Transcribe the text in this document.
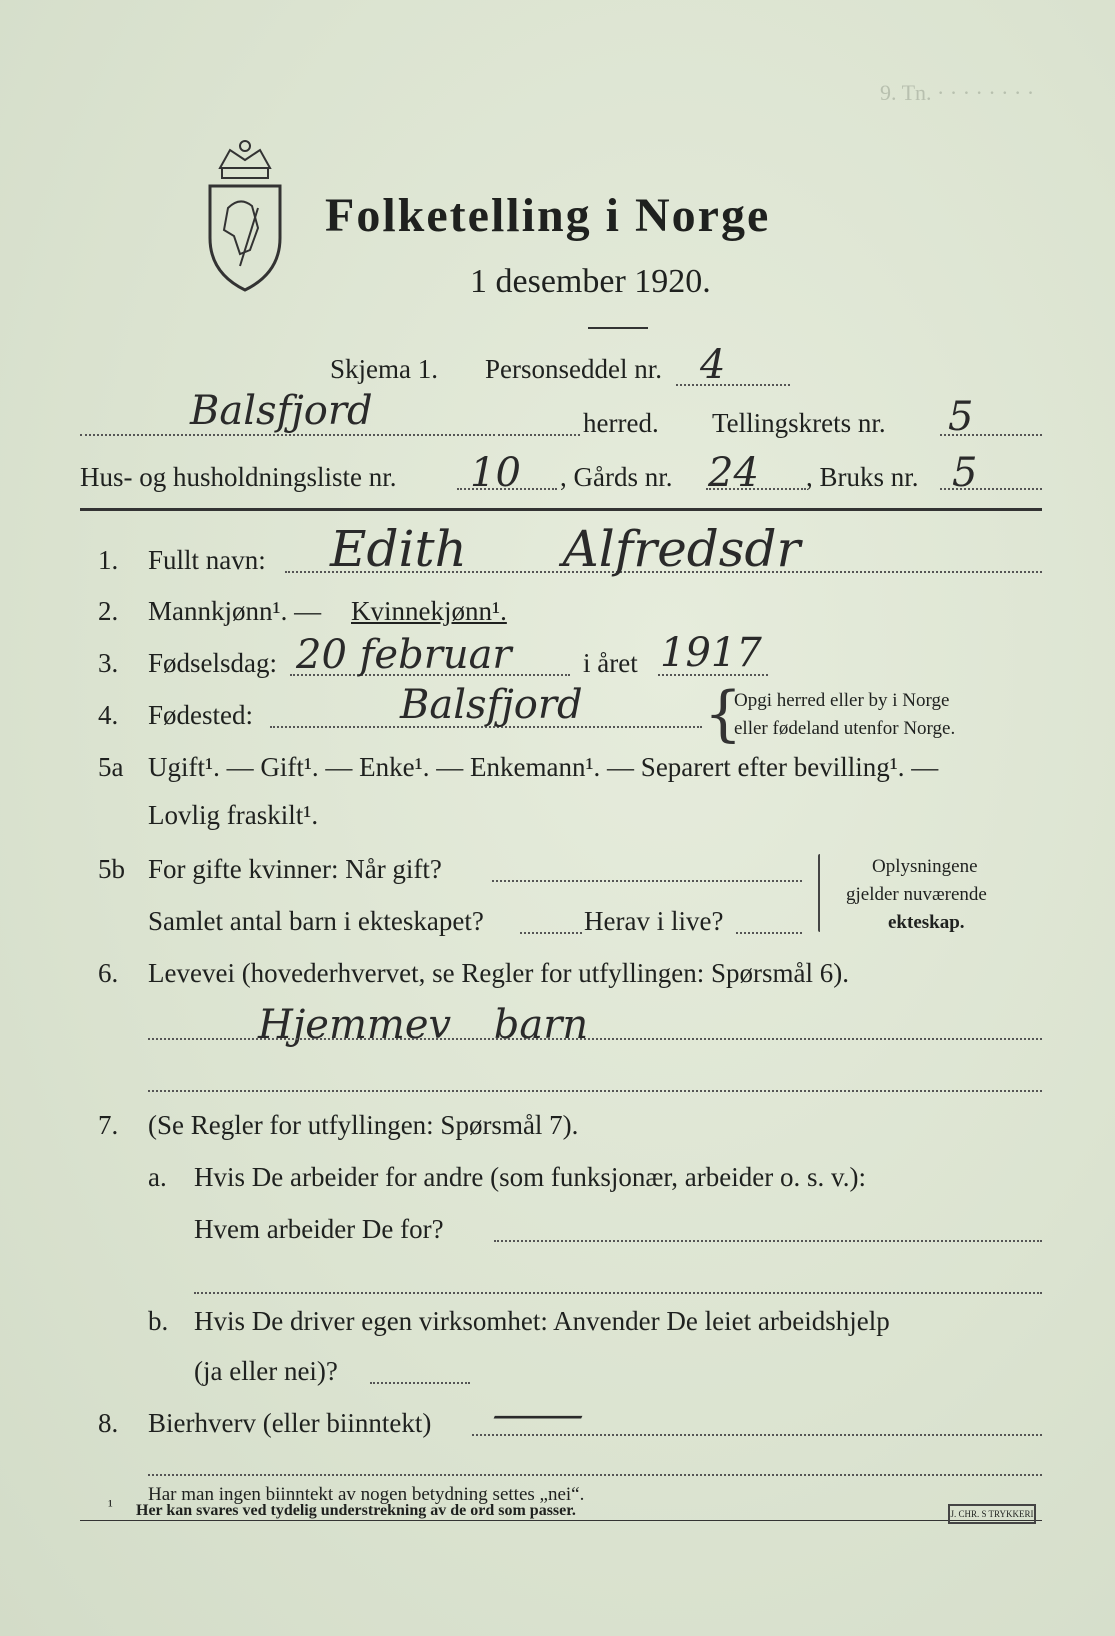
9. Tn. · · · · · · · ·
Folketelling i Norge
1 desember 1920.
Skjema 1. Personseddel nr. 4
Balsfjord	herred. Tellingskrets nr. 5
Hus- og husholdningsliste nr. 10 , Gårds nr. 24 , Bruks nr. 5
1. Fullt navn: Edith Alfredsdr
2. Mannkjønn¹. — Kvinnekjønn¹.
3. Fødselsdag: 20 februar	i året 1917
4. Fødested:	Balsfjord {
Opgi herred eller by i Norge
eller fødeland utenfor Norge.
5a Ugift¹. — Gift¹. — Enke¹. — Enkemann¹. — Separert efter bevilling¹. —
Lovlig fraskilt¹.
5b For gifte kvinner: Når gift?
Samlet antal barn i ekteskapet?	Herav i live?
Oplysningene
gjelder nuværende
ekteskap.
6. Levevei (hovederhvervet, se Regler for utfyllingen: Spørsmål 6).
Hjemmev barn
7. (Se Regler for utfyllingen: Spørsmål 7).
a. Hvis De arbeider for andre (som funksjonær, arbeider o. s. v.):
Hvem arbeider De for?
b. Hvis De driver egen virksomhet: Anvender De leiet arbeidshjelp
(ja eller nei)?
8. Bierhverv (eller biinntekt) —
Har man ingen biinntekt av nogen betydning settes „nei“.
¹ Her kan svares ved tydelig understrekning av de ord som passer.	J. CHR. S TRYKKERI
